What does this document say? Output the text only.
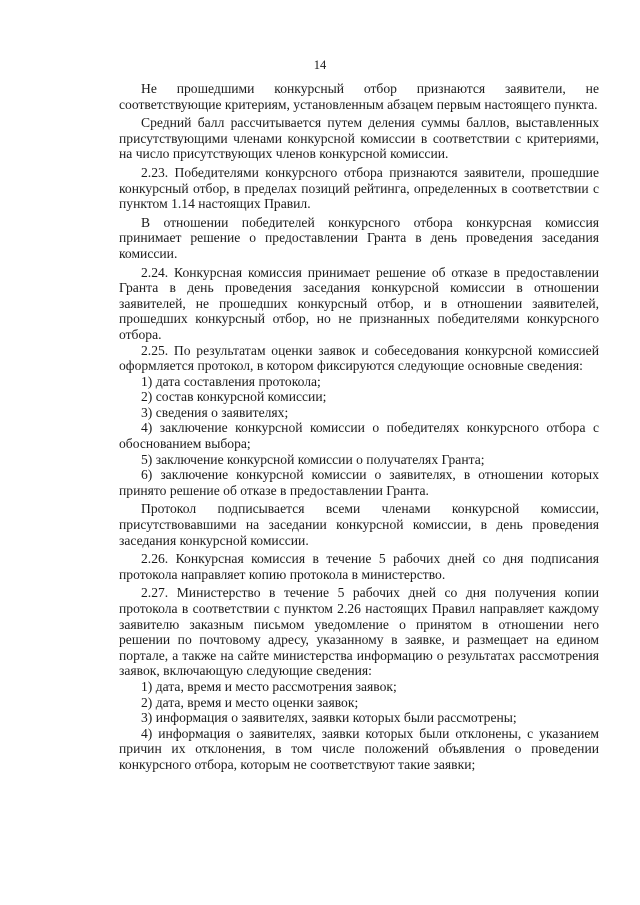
14

Не прошедшими конкурсный отбор признаются заявители, не соответствующие критериям, установленным абзацем первым настоящего пункта.

Средний балл рассчитывается путем деления суммы баллов, выставленных присутствующими членами конкурсной комиссии в соответствии с критериями, на число присутствующих членов конкурсной комиссии.

2.23. Победителями конкурсного отбора признаются заявители, прошедшие конкурсный отбор, в пределах позиций рейтинга, определенных в соответствии с пунктом 1.14 настоящих Правил.

В отношении победителей конкурсного отбора конкурсная комиссия принимает решение о предоставлении Гранта в день проведения заседания комиссии.

2.24. Конкурсная комиссия принимает решение об отказе в предоставлении Гранта в день проведения заседания конкурсной комиссии в отношении заявителей, не прошедших конкурсный отбор, и в отношении заявителей, прошедших конкурсный отбор, но не признанных победителями конкурсного отбора.

2.25. По результатам оценки заявок и собеседования конкурсной комиссией оформляется протокол, в котором фиксируются следующие основные сведения:

1) дата составления протокола;

2) состав конкурсной комиссии;

3) сведения о заявителях;

4) заключение конкурсной комиссии о победителях конкурсного отбора с обоснованием выбора;

5) заключение конкурсной комиссии о получателях Гранта;

6) заключение конкурсной комиссии о заявителях, в отношении которых принято решение об отказе в предоставлении Гранта.

Протокол подписывается всеми членами конкурсной комиссии, присутствовавшими на заседании конкурсной комиссии, в день проведения заседания конкурсной комиссии.

2.26. Конкурсная комиссия в течение 5 рабочих дней со дня подписания протокола направляет копию протокола в министерство.

2.27. Министерство в течение 5 рабочих дней со дня получения копии протокола в соответствии с пунктом 2.26 настоящих Правил направляет каждому заявителю заказным письмом уведомление о принятом в отношении него решении по почтовому адресу, указанному в заявке, и размещает на едином портале, а также на сайте министерства информацию о результатах рассмотрения заявок, включающую следующие сведения:

1) дата, время и место рассмотрения заявок;

2) дата, время и место оценки заявок;

3) информация о заявителях, заявки которых были рассмотрены;

4) информация о заявителях, заявки которых были отклонены, с указанием причин их отклонения, в том числе положений объявления о проведении конкурсного отбора, которым не соответствуют такие заявки;
